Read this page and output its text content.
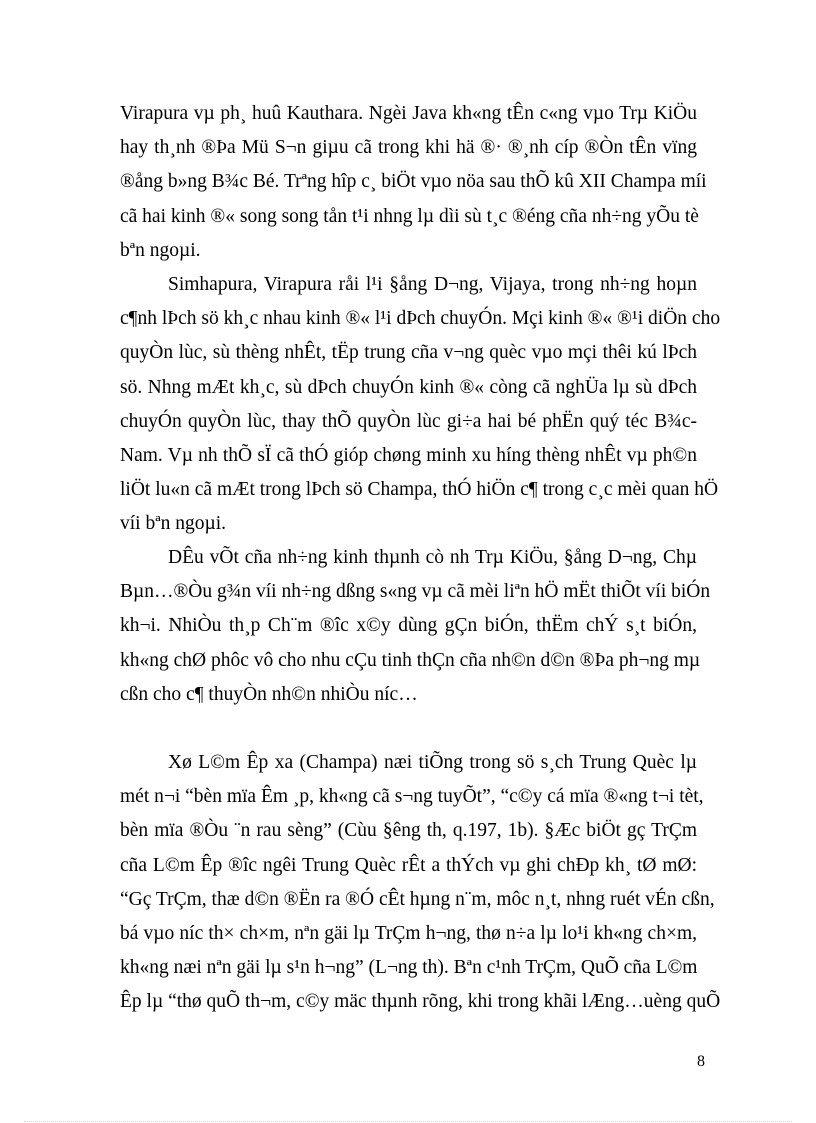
Virapura vµ ph¸ huû Kauthara. Ngèi Java kh«ng tÊn c«ng vµo Trµ KiÖu
hay th¸nh ®Þa Mü S¬n giµu cã trong khi hä ®· ®¸nh cíp ®Òn tÊn vïng
®ång b»ng B¾c Bé. Trªng hîp c¸ biÖt vµo nöa sau thÕ kû XII Champa míi
cã hai kinh ®« song song tån t¹i nhng lµ dìi sù t¸c ®éng cña nh÷ng yÕu tè
bªn ngoµi.
Simhapura, Virapura råi l¹i §ång D¬ng, Vijaya, trong nh÷ng hoµn
c¶nh lÞch sö kh¸c nhau kinh ®« l¹i dÞch chuyÓn. Mçi kinh ®« ®¹i diÖn cho
quyÒn lùc, sù thèng nhÊt, tËp trung cña v¬ng quèc vµo mçi thêi kú lÞch
sö. Nhng mÆt kh¸c, sù dÞch chuyÓn kinh ®« còng cã nghÜa lµ sù dÞch
chuyÓn quyÒn lùc, thay thÕ quyÒn lùc gi÷a hai bé phËn quý téc B¾c-
Nam. Vµ nh thÕ sÏ cã thÓ gióp chøng minh xu híng thèng nhÊt vµ ph©n
liÖt lu«n cã mÆt trong lÞch sö Champa, thÓ hiÖn c¶ trong c¸c mèi quan hÖ
víi bªn ngoµi.
DÊu vÕt cña nh÷ng kinh thµnh cò nh Trµ KiÖu, §ång D¬ng, Chµ
Bµn…®Òu g¾n víi nh÷ng dßng s«ng vµ cã mèi liªn hÖ mËt thiÕt víi biÓn
kh¬i. NhiÒu th¸p Ch¨m ®îc x©y dùng gÇn biÓn, thËm chÝ s¸t biÓn,
kh«ng chØ phôc vô cho nhu cÇu tinh thÇn cña nh©n d©n ®Þa ph¬ng mµ
cßn cho c¶ thuyÒn nh©n nhiÒu níc…
Xø L©m Êp xa (Champa) næi tiÕng trong sö s¸ch Trung Quèc lµ
mét n¬i “bèn mïa Êm ¸p, kh«ng cã s¬ng tuyÕt”, “c©y cá mïa ®«ng t¬i tèt,
bèn mïa ®Òu ¨n rau sèng” (Cùu §êng th, q.197, 1b). §Æc biÖt gç TrÇm
cña L©m Êp ®îc ngêi Trung Quèc rÊt a thÝch vµ ghi chÐp kh¸ tØ mØ:
“Gç TrÇm, thæ d©n ®Ën ra ®Ó cÊt hµng n¨m, môc n¸t, nhng ruét vÉn cßn,
bá vµo níc th× ch×m, nªn gäi lµ TrÇm h¬ng, thø n÷a lµ lo¹i kh«ng ch×m,
kh«ng næi nªn gäi lµ s¹n h¬ng” (L¬ng th). Bªn c¹nh TrÇm, QuÕ cña L©m
Êp lµ “thø quÕ th¬m, c©y mäc thµnh rõng, khi trong khãi lÆng…uèng quÕ
8
